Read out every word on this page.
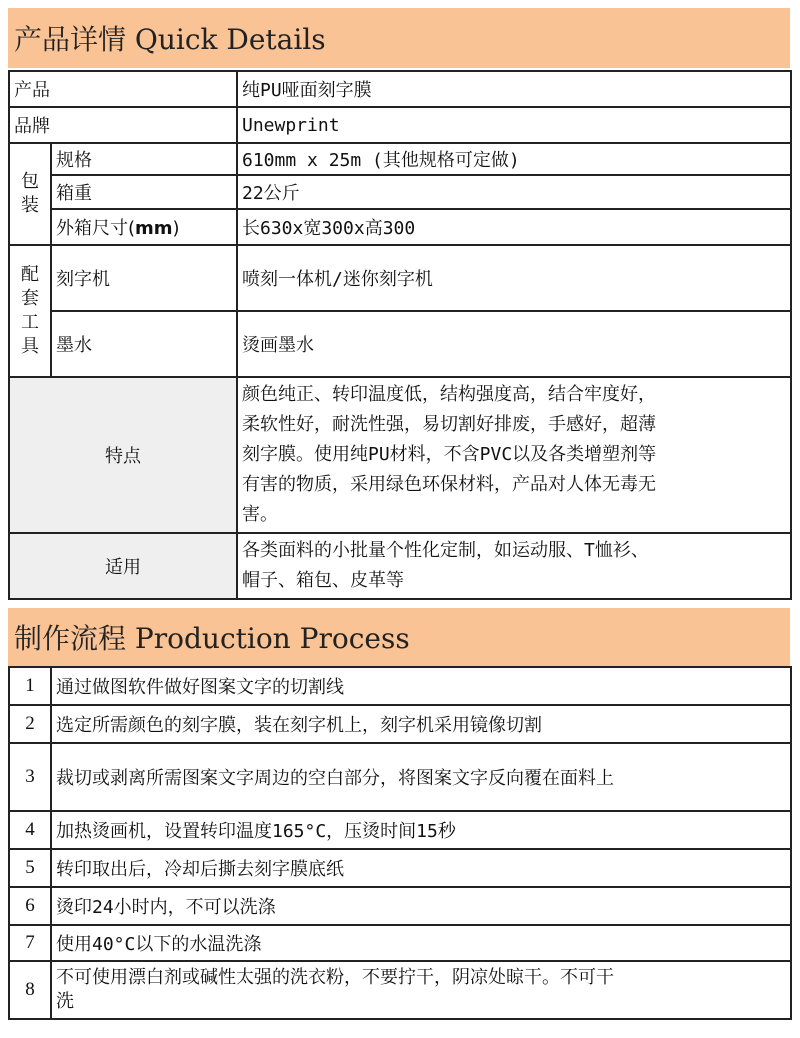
产品详情 Quick Details
产品		纯PU哑面刻字膜
品牌		Unewprint

包
装	规格	610mm x 25m (其他规格可定做)
	箱重	22公斤
	外箱尺寸(mm)	长630x宽300x高300

配
套
工
具	刻字机	喷刻一体机/迷你刻字机
	墨水	烫画墨水
特点		颜色纯正、转印温度低，结构强度高，结合牢度好，
柔软性好，耐洗性强，易切割好排废，手感好，超薄
刻字膜。使用纯PU材料，不含PVC以及各类增塑剂等
有害的物质，采用绿色环保材料，产品对人体无毒无
害。

适用		各类面料的小批量个性化定制，如运动服、T恤衫、
帽子、箱包、皮革等
制作流程 Production Process
1	通过做图软件做好图案文字的切割线
2	选定所需颜色的刻字膜，装在刻字机上，刻字机采用镜像切割
3	裁切或剥离所需图案文字周边的空白部分，将图案文字反向覆在面料上
4	加热烫画机，设置转印温度165°C，压烫时间15秒
5	转印取出后，冷却后撕去刻字膜底纸
6	烫印24小时内，不可以洗涤
7	使用40°C以下的水温洗涤
8	不可使用漂白剂或碱性太强的洗衣粉，不要拧干，阴凉处晾干。不可干
洗
